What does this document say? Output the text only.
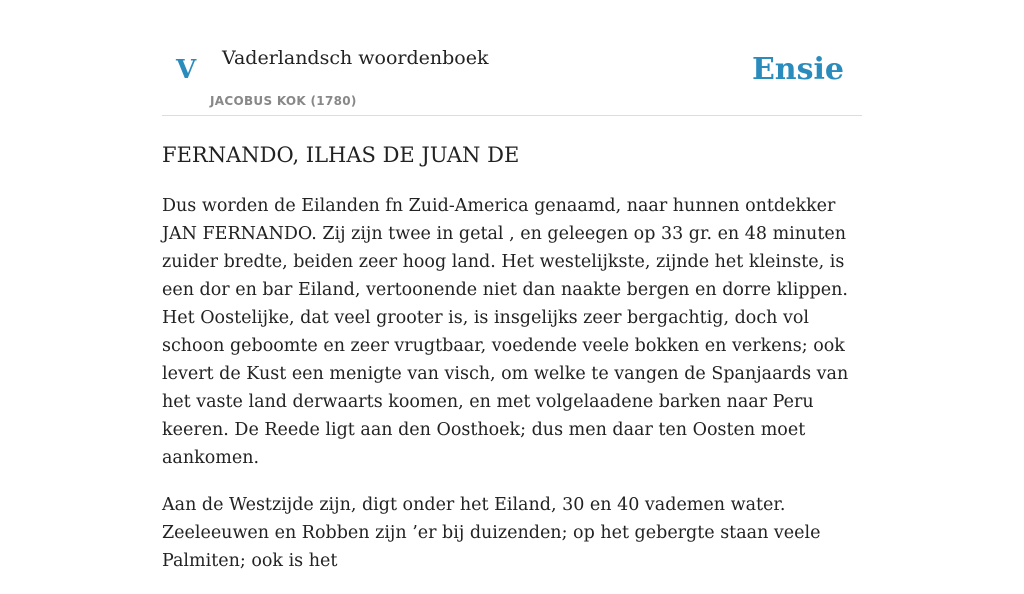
V Vaderlandsch woordenboek
JACOBUS KOK (1780)
Ensie
FERNANDO, ILHAS DE JUAN DE

Dus worden de Eilanden fn Zuid-America genaamd, naar hunnen ontdekker JAN FERNANDO. Zij zijn twee in getal , en geleegen op 33 gr. en 48 minuten zuider bredte, beiden zeer hoog land. Het westelijkste, zijnde het kleinste, is een dor en bar Eiland, vertoonende niet dan naakte bergen en dorre klippen. Het Oostelijke, dat veel grooter is, is insgelijks zeer bergachtig, doch vol schoon geboomte en zeer vrugtbaar, voedende veele bokken en verkens; ook levert de Kust een menigte van visch, om welke te vangen de Spanjaards van het vaste land derwaarts koomen, en met volgelaadene barken naar Peru keeren. De Reede ligt aan den Oosthoek; dus men daar ten Oosten moet aankomen.

Aan de Westzijde zijn, digt onder het Eiland, 30 en 40 vademen water. Zeeleeuwen en Robben zijn ’er bij duizenden; op het gebergte staan veele Palmiten; ook is het
